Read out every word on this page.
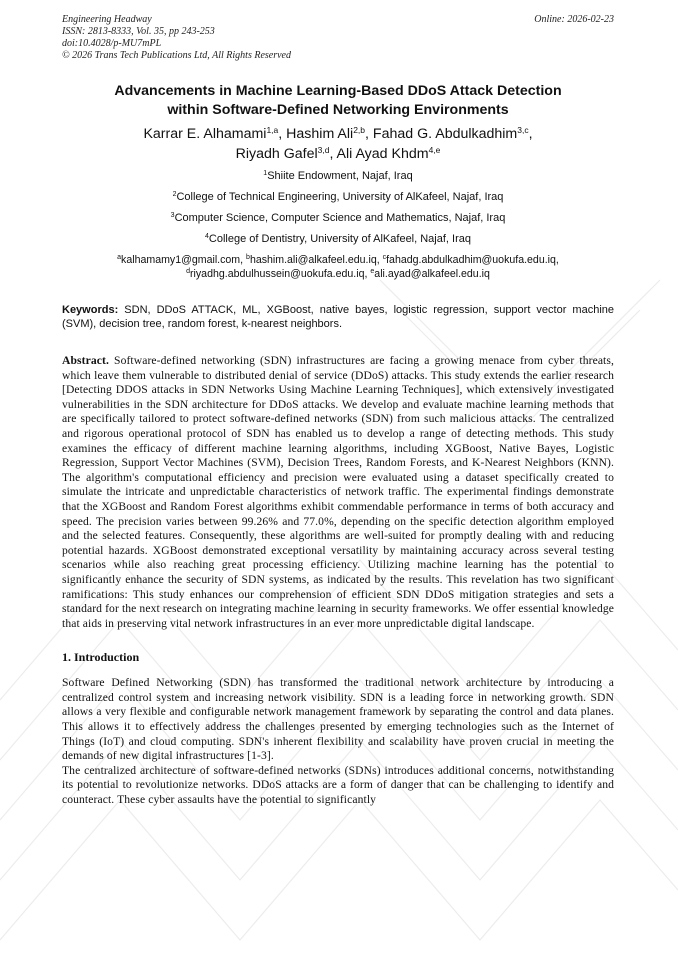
Engineering Headway
ISSN: 2813-8333, Vol. 35, pp 243-253
doi:10.4028/p-MU7mPL
© 2026 Trans Tech Publications Ltd, All Rights Reserved
Online: 2026-02-23
Advancements in Machine Learning-Based DDoS Attack Detection
within Software-Defined Networking Environments
Karrar E. Alhamami$^{1,a}$, Hashim Ali$^{2,b}$, Fahad G. Abdulkadhim$^{3,c}$,
Riyadh Gafel$^{3,d}$, Ali Ayad Khdm$^{4,e}$
$^1$Shiite Endowment, Najaf, Iraq
$^2$College of Technical Engineering, University of AlKafeel, Najaf, Iraq
$^3$Computer Science, Computer Science and Mathematics, Najaf, Iraq
$^4$College of Dentistry, University of AlKafeel, Najaf, Iraq
$^a$kalhamamy1@gmail.com, $^b$hashim.ali@alkafeel.edu.iq, $^c$fahadg.abdulkadhim@uokufa.edu.iq,
$^d$riyadhg.abdulhussein@uokufa.edu.iq, $^e$ali.ayad@alkafeel.edu.iq
Keywords: SDN, DDoS ATTACK, ML, XGBoost, native bayes, logistic regression, support vector machine (SVM), decision tree, random forest, k-nearest neighbors.
Abstract. Software-defined networking (SDN) infrastructures are facing a growing menace from cyber threats, which leave them vulnerable to distributed denial of service (DDoS) attacks. This study extends the earlier research [Detecting DDOS attacks in SDN Networks Using Machine Learning Techniques], which extensively investigated vulnerabilities in the SDN architecture for DDoS attacks. We develop and evaluate machine learning methods that are specifically tailored to protect software-defined networks (SDN) from such malicious attacks. The centralized and rigorous operational protocol of SDN has enabled us to develop a range of detecting methods. This study examines the efficacy of different machine learning algorithms, including XGBoost, Native Bayes, Logistic Regression, Support Vector Machines (SVM), Decision Trees, Random Forests, and K-Nearest Neighbors (KNN). The algorithm's computational efficiency and precision were evaluated using a dataset specifically created to simulate the intricate and unpredictable characteristics of network traffic. The experimental findings demonstrate that the XGBoost and Random Forest algorithms exhibit commendable performance in terms of both accuracy and speed. The precision varies between 99.26% and 77.0%, depending on the specific detection algorithm employed and the selected features. Consequently, these algorithms are well-suited for promptly dealing with and reducing potential hazards. XGBoost demonstrated exceptional versatility by maintaining accuracy across several testing scenarios while also reaching great processing efficiency. Utilizing machine learning has the potential to significantly enhance the security of SDN systems, as indicated by the results. This revelation has two significant ramifications: This study enhances our comprehension of efficient SDN DDoS mitigation strategies and sets a standard for the next research on integrating machine learning in security frameworks. We offer essential knowledge that aids in preserving vital network infrastructures in an ever more unpredictable digital landscape.
1. Introduction
Software Defined Networking (SDN) has transformed the traditional network architecture by introducing a centralized control system and increasing network visibility. SDN is a leading force in networking growth. SDN allows a very flexible and configurable network management framework by separating the control and data planes. This allows it to effectively address the challenges presented by emerging technologies such as the Internet of Things (IoT) and cloud computing. SDN's inherent flexibility and scalability have proven crucial in meeting the demands of new digital infrastructures [1-3].
The centralized architecture of software-defined networks (SDNs) introduces additional concerns, notwithstanding its potential to revolutionize networks. DDoS attacks are a form of danger that can be challenging to identify and counteract. These cyber assaults have the potential to significantly
